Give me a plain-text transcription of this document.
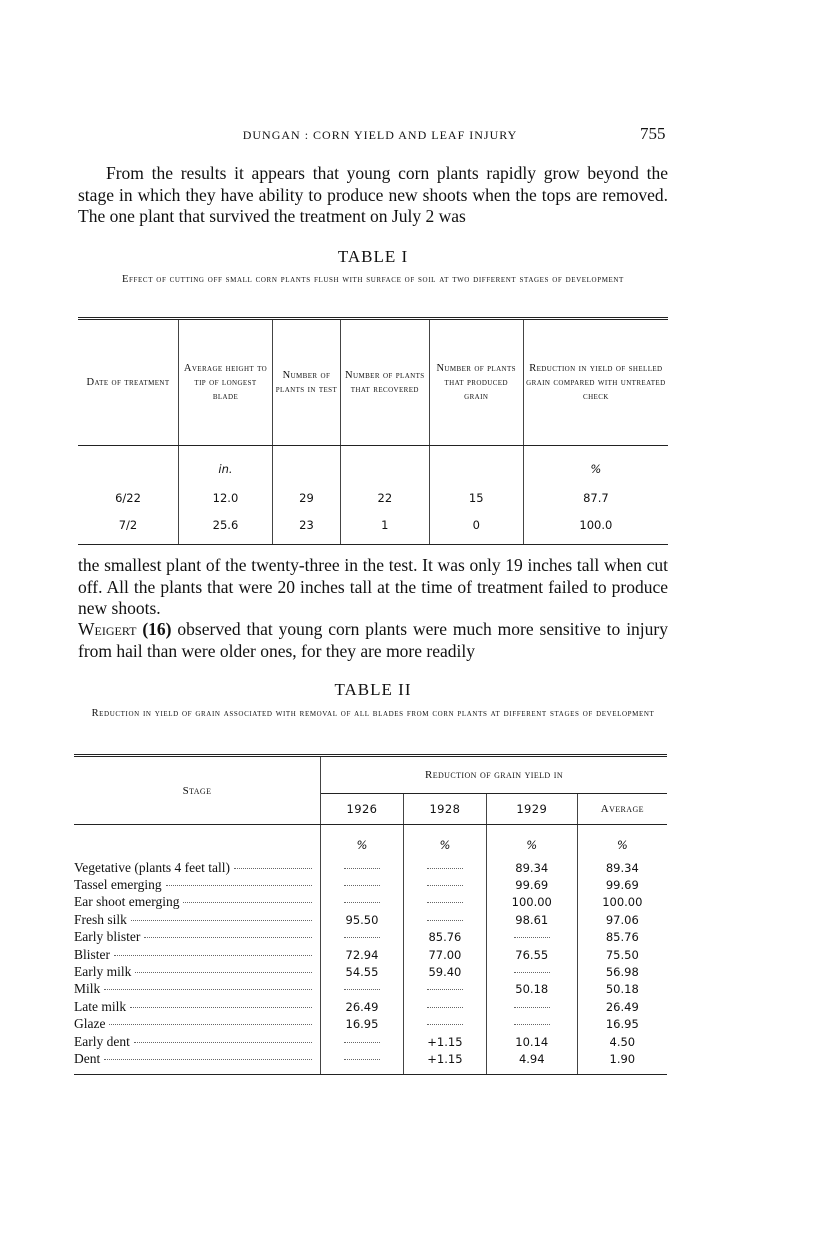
DUNGAN : CORN YIELD AND LEAF INJURY	755

From the results it appears that young corn plants rapidly grow beyond the stage in which they have ability to produce new shoots when the tops are removed. The one plant that survived the treatment on July 2 was

TABLE I
Effect of cutting off small corn plants flush with surface of soil at two different stages of development
Date of treatment	Average height to tip of longest blade	Number of plants in test	Number of plants that recovered	Number of plants that produced grain	Reduction in yield of shelled grain compared with untreated check
	in.				%
6/22	12.0	29	22	15	87.7
7/2	25.6	23	1	0	100.0

the smallest plant of the twenty-three in the test. It was only 19 inches tall when cut off. All the plants that were 20 inches tall at the time of treatment failed to produce new shoots.

Weigert (16) observed that young corn plants were much more sensitive to injury from hail than were older ones, for they are more readily

TABLE II
Reduction in yield of grain associated with removal of all blades from corn plants at different stages of development
Stage	Reduction of grain yield in			
	1926	1928	1929	Average
	%	%	%	%

Vegetative (plants 4 feet tall)			89.34	89.34

Tassel emerging			99.69	99.69

Ear shoot emerging			100.00	100.00

Fresh silk	95.50		98.61	97.06

Early blister		85.76		85.76

Blister	72.94	77.00	76.55	75.50

Early milk	54.55	59.40		56.98

Milk			50.18	50.18

Late milk	26.49			26.49

Glaze	16.95			16.95

Early dent		+1.15	10.14	4.50

Dent		+1.15	4.94	1.90
